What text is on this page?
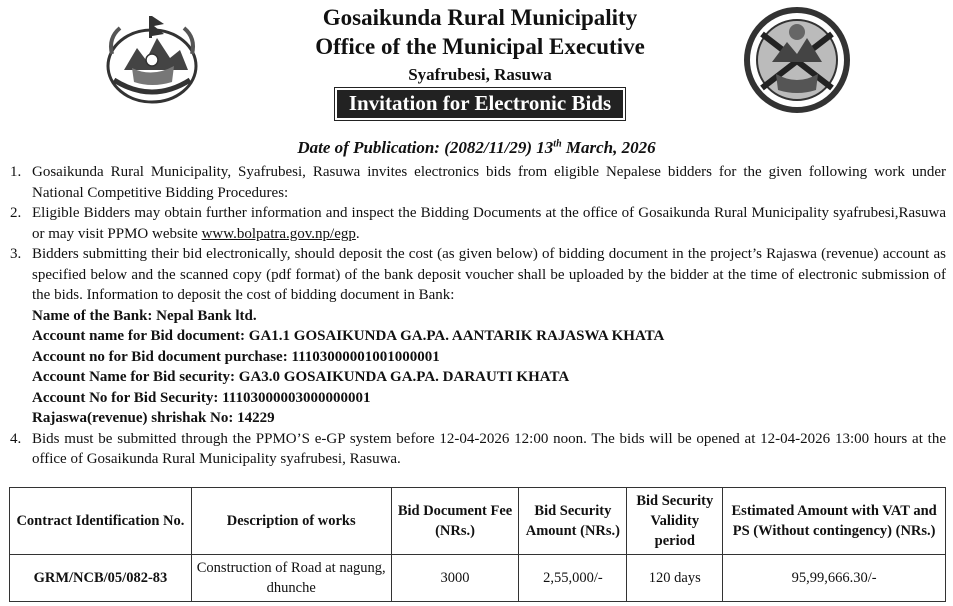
Gosaikunda Rural Municipality
Office of the Municipal Executive
Syafrubesi, Rasuwa
Invitation for Electronic Bids
Date of Publication: (2082/11/29) 13th March, 2026
1. Gosaikunda Rural Municipality, Syafrubesi, Rasuwa invites electronics bids from eligible Nepalese bidders for the given following work under National Competitive Bidding Procedures:
2. Eligible Bidders may obtain further information and inspect the Bidding Documents at the office of Gosaikunda Rural Municipality syafrubesi,Rasuwa or may visit PPMO website www.bolpatra.gov.np/egp.
3. Bidders submitting their bid electronically, should deposit the cost (as given below) of bidding document in the project’s Rajaswa (revenue) account as specified below and the scanned copy (pdf format) of the bank deposit voucher shall be uploaded by the bidder at the time of electronic submission of the bids. Information to deposit the cost of bidding document in Bank:
Name of the Bank: Nepal Bank ltd.
Account name for Bid document: GA1.1 GOSAIKUNDA GA.PA. AANTARIK RAJASWA KHATA
Account no for Bid document purchase: 11103000001001000001
Account Name for Bid security: GA3.0 GOSAIKUNDA GA.PA. DARAUTI KHATA
Account No for Bid Security: 11103000003000000001
Rajaswa(revenue) shrishak No: 14229
4. Bids must be submitted through the PPMO’S e-GP system before 12-04-2026 12:00 noon. The bids will be opened at 12-04-2026 13:00 hours at the office of Gosaikunda Rural Municipality syafrubesi, Rasuwa.
Contract Identification No.	Description of works	Bid Document Fee (NRs.)	Bid Security Amount (NRs.)	Bid Security Validity period	Estimated Amount with VAT and PS (Without contingency) (NRs.)
GRM/NCB/05/082-83	Construction of Road at nagung, dhunche	3000	2,55,000/-	120 days	95,99,666.30/-
